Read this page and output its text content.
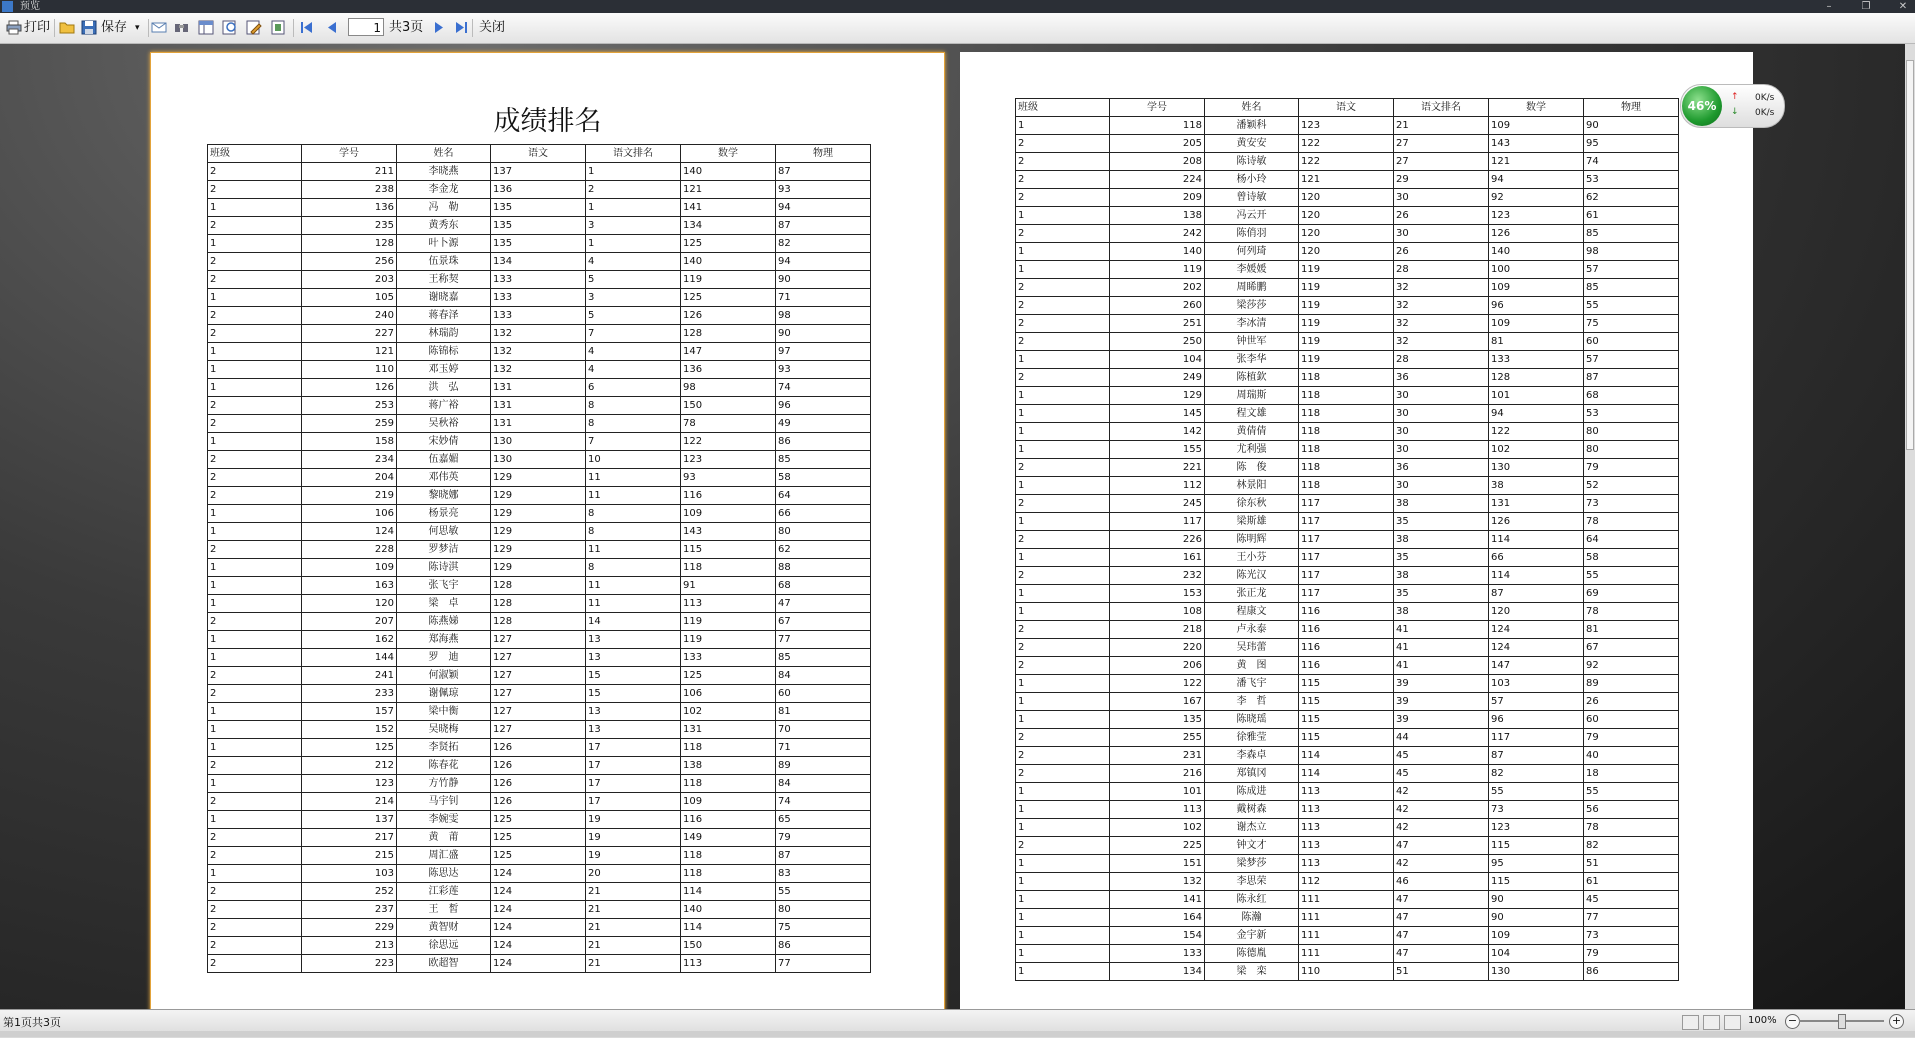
预览	–	❐	✕
打印	保存 ▾	1 共3页	关闭
成绩排名
班级	学号	姓名	语文	语文排名	数学	物理
2	211	李晓燕	137	1	140	87
2	238	李金龙	136	2	121	93
1	136	冯　勒	135	1	141	94
2	235	黄秀东	135	3	134	87
1	128	叶卜源	135	1	125	82
2	256	伍景珠	134	4	140	94
2	203	王称契	133	5	119	90
1	105	谢晓嘉	133	3	125	71
2	240	蒋春泽	133	5	126	98
2	227	林瑞韵	132	7	128	90
1	121	陈锦标	132	4	147	97
1	110	邓玉婷	132	4	136	93
1	126	洪　弘	131	6	98	74
2	253	蒋广裕	131	8	150	96
2	259	吴秋裕	131	8	78	49
1	158	宋妙倩	130	7	122	86
2	234	伍嘉媚	130	10	123	85
2	204	邓伟英	129	11	93	58
2	219	黎晓娜	129	11	116	64
1	106	杨景亮	129	8	109	66
1	124	何思敏	129	8	143	80
2	228	罗梦洁	129	11	115	62
1	109	陈诗淇	129	8	118	88
1	163	张飞宇	128	11	91	68
1	120	梁　卓	128	11	113	47
2	207	陈燕娣	128	14	119	67
1	162	郑海燕	127	13	119	77
1	144	罗　迪	127	13	133	85
2	241	何淑颖	127	15	125	84
2	233	谢佩琼	127	15	106	60
1	157	梁中衡	127	13	102	81
1	152	吴晓梅	127	13	131	70
1	125	李贤拓	126	17	118	71
2	212	陈春花	126	17	138	89
1	123	方竹静	126	17	118	84
2	214	马宇钊	126	17	109	74
1	137	李婉雯	125	19	116	65
2	217	黄　莆	125	19	149	79
2	215	周汇盛	125	19	118	87
1	103	陈思达	124	20	118	83
2	252	江彩莲	124	21	114	55
2	237	王　皙	124	21	140	80
2	229	黄智财	124	21	114	75
2	213	徐思远	124	21	150	86
2	223	欧超智	124	21	113	77
班级	学号	姓名	语文	语文排名	数学	物理
1	118	潘颖科	123	21	109	90
2	205	黄安安	122	27	143	95
2	208	陈诗敏	122	27	121	74
2	224	杨小玲	121	29	94	53
2	209	曾诗敏	120	30	92	62
1	138	冯云开	120	26	123	61
2	242	陈俏羽	120	30	126	85
1	140	何列琦	120	26	140	98
1	119	李媛媛	119	28	100	57
2	202	周睎鹏	119	32	109	85
2	260	梁莎莎	119	32	96	55
2	251	李冰清	119	32	109	75
2	250	钟世军	119	32	81	60
1	104	张李华	119	28	133	57
2	249	陈植欽	118	36	128	87
1	129	周瑞斯	118	30	101	68
1	145	程文雄	118	30	94	53
1	142	黄倩倩	118	30	122	80
1	155	尤利强	118	30	102	80
2	221	陈　俊	118	36	130	79
1	112	林景阳	118	30	38	52
2	245	徐东秋	117	38	131	73
1	117	梁斯雄	117	35	126	78
2	226	陈明辉	117	38	114	64
1	161	王小芬	117	35	66	58
2	232	陈光汉	117	38	114	55
1	153	张正龙	117	35	87	69
1	108	程康文	116	38	120	78
2	218	卢永泰	116	41	124	81
2	220	吴玮蕾	116	41	124	67
2	206	黄　图	116	41	147	92
1	122	潘飞宇	115	39	103	89
1	167	李　哲	115	39	57	26
1	135	陈晓瑶	115	39	96	60
2	255	徐雅莹	115	44	117	79
2	231	李森卓	114	45	87	40
2	216	郑镇冈	114	45	82	18
1	101	陈成进	113	42	55	55
1	113	戴树森	113	42	73	56
1	102	谢杰立	113	42	123	78
2	225	钟文才	113	47	115	82
1	151	梁梦莎	113	42	95	51
1	132	李思荣	112	46	115	61
1	141	陈永红	111	47	90	45
1	164	陈瀚	111	47	90	77
1	154	金宇新	111	47	109	73
1	133	陈德胤	111	47	104	79
1	134	梁　栾	110	51	130	86
46%
↑
↓
0K/s
0K/s
第1页共3页	100% −	+
